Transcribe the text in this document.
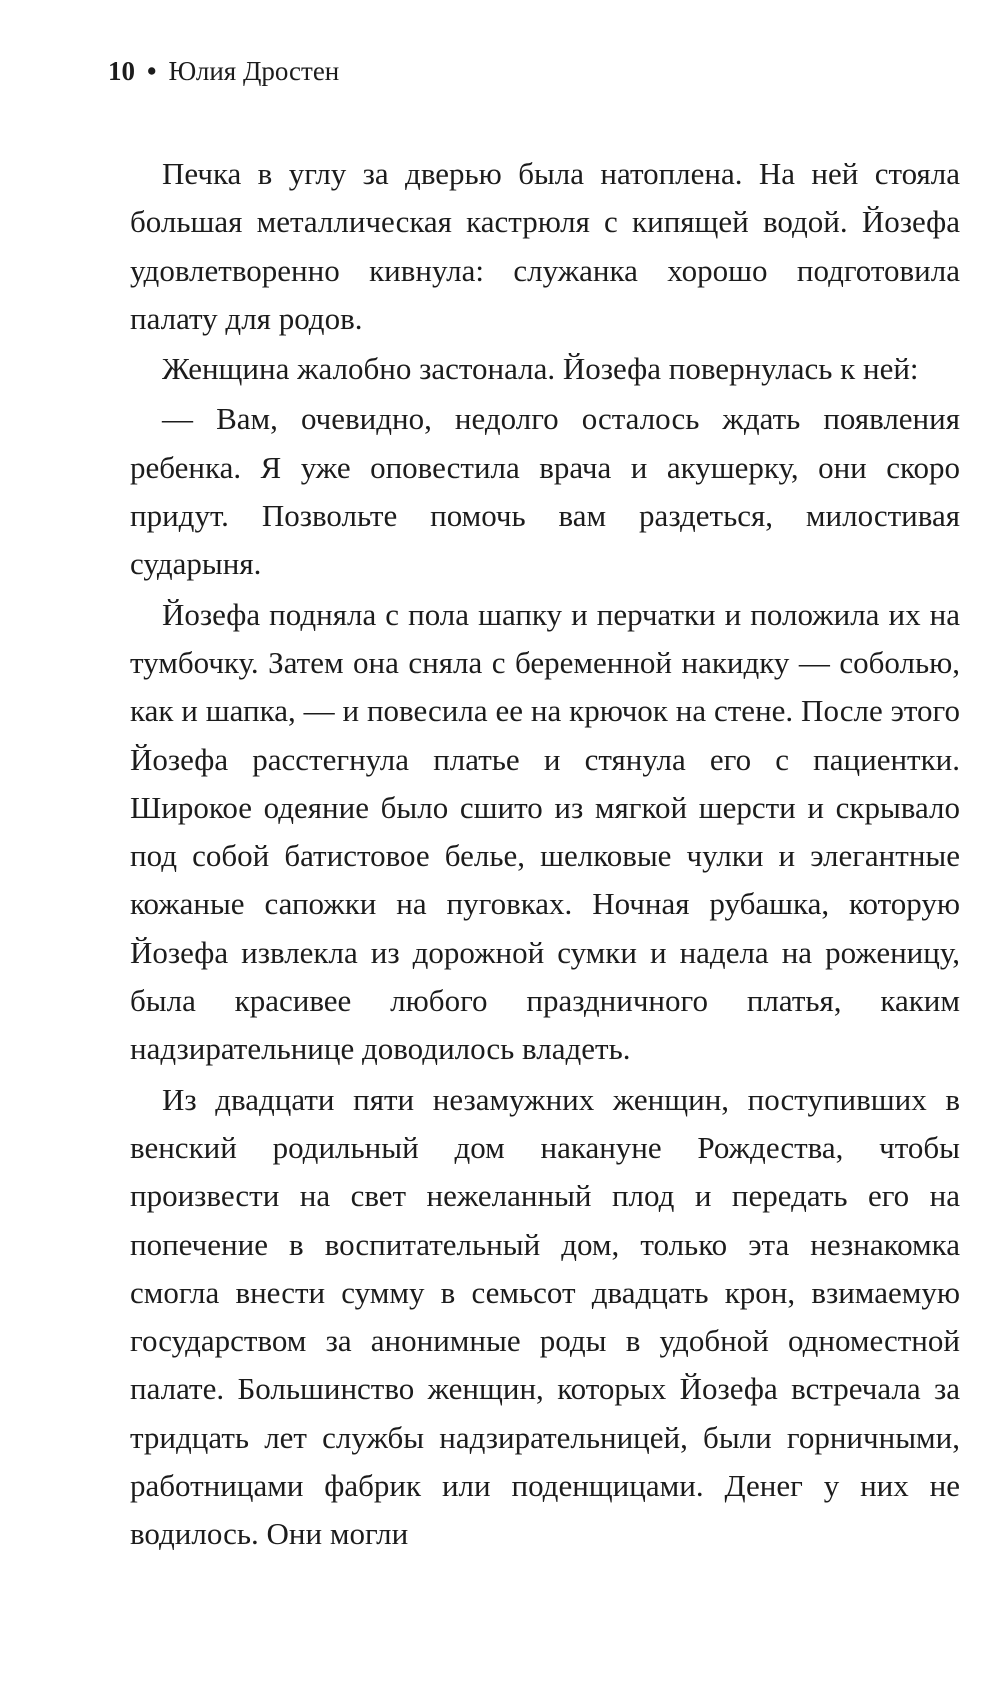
10 • Юлия Дростен

Печка в углу за дверью была натоплена. На ней стояла большая металлическая кастрюля с кипящей водой. Йозефа удовлетворенно кивнула: служанка хорошо подготовила палату для родов.

Женщина жалобно застонала. Йозефа повернулась к ней:

— Вам, очевидно, недолго осталось ждать появления ребенка. Я уже оповестила врача и акушерку, они скоро придут. Позвольте помочь вам раздеться, милостивая сударыня.

Йозефа подняла с пола шапку и перчатки и положила их на тумбочку. Затем она сняла с беременной накидку — соболью, как и шапка, — и повесила ее на крючок на стене. После этого Йозефа расстегнула платье и стянула его с пациентки. Широкое одеяние было сшито из мягкой шерсти и скрывало под собой батистовое белье, шелковые чулки и элегантные кожаные сапожки на пуговках. Ночная рубашка, которую Йозефа извлекла из дорожной сумки и надела на роженицу, была красивее любого праздничного платья, каким надзирательнице доводилось владеть.

Из двадцати пяти незамужних женщин, поступивших в венский родильный дом накануне Рождества, чтобы произвести на свет нежеланный плод и передать его на попечение в воспитательный дом, только эта незнакомка смогла внести сумму в семьсот двадцать крон, взимаемую государством за анонимные роды в удобной одноместной палате. Большинство женщин, которых Йозефа встречала за тридцать лет службы надзирательницей, были горничными, работницами фабрик или поденщицами. Денег у них не водилось. Они могли
